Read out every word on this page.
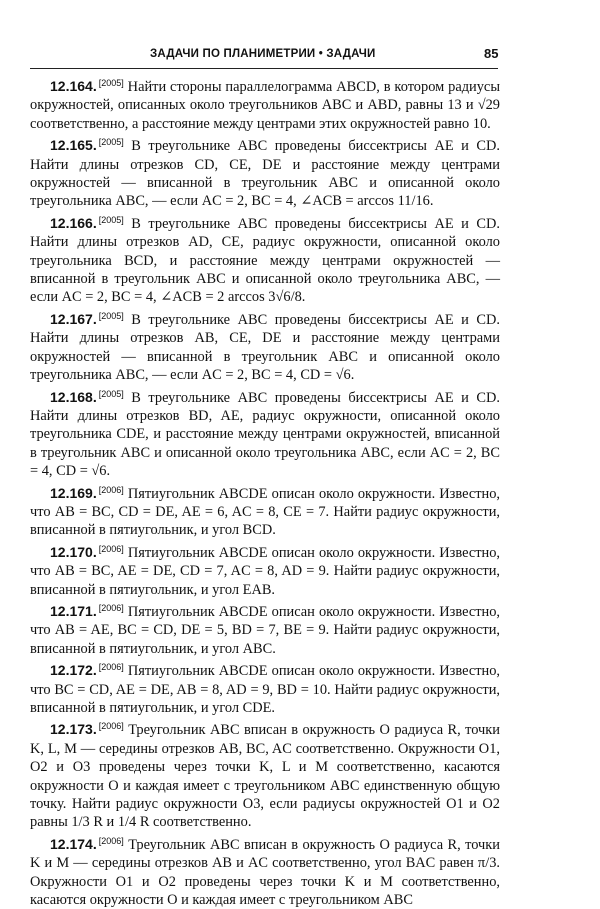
ЗАДАЧИ ПО ПЛАНИМЕТРИИ • ЗАДАЧИ	85

12.164. [2005] Найти стороны параллелограмма ABCD, в котором радиусы окружностей, описанных около треугольников ABC и ABD, равны 13 и √29 соответственно, а расстояние между центрами этих окружностей равно 10.

12.165. [2005] В треугольнике ABC проведены биссектрисы AE и CD. Найти длины отрезков CD, CE, DE и расстояние между центрами окружностей — вписанной в треугольник ABC и описанной около треугольника ABC, — если AC = 2, BC = 4, ∠ACB = arccos 11/16.

12.166. [2005] В треугольнике ABC проведены биссектрисы AE и CD. Найти длины отрезков AD, CE, радиус окружности, описанной около треугольника BCD, и расстояние между центрами окружностей — вписанной в треугольник ABC и описанной около треугольника ABC, — если AC = 2, BC = 4, ∠ACB = 2 arccos 3√6/8.

12.167. [2005] В треугольнике ABC проведены биссектрисы AE и CD. Найти длины отрезков AB, CE, DE и расстояние между центрами окружностей — вписанной в треугольник ABC и описанной около треугольника ABC, — если AC = 2, BC = 4, CD = √6.

12.168. [2005] В треугольнике ABC проведены биссектрисы AE и CD. Найти длины отрезков BD, AE, радиус окружности, описанной около треугольника CDE, и расстояние между центрами окружностей, вписанной в треугольник ABC и описанной около треугольника ABC, если AC = 2, BC = 4, CD = √6.

12.169. [2006] Пятиугольник ABCDE описан около окружности. Известно, что AB = BC, CD = DE, AE = 6, AC = 8, CE = 7. Найти радиус окружности, вписанной в пятиугольник, и угол BCD.

12.170. [2006] Пятиугольник ABCDE описан около окружности. Известно, что AB = BC, AE = DE, CD = 7, AC = 8, AD = 9. Найти радиус окружности, вписанной в пятиугольник, и угол EAB.

12.171. [2006] Пятиугольник ABCDE описан около окружности. Известно, что AB = AE, BC = CD, DE = 5, BD = 7, BE = 9. Найти радиус окружности, вписанной в пятиугольник, и угол ABC.

12.172. [2006] Пятиугольник ABCDE описан около окружности. Известно, что BC = CD, AE = DE, AB = 8, AD = 9, BD = 10. Найти радиус окружности, вписанной в пятиугольник, и угол CDE.

12.173. [2006] Треугольник ABC вписан в окружность O радиуса R, точки K, L, M — середины отрезков AB, BC, AC соответственно. Окружности O1, O2 и O3 проведены через точки K, L и M соответственно, касаются окружности O и каждая имеет с треугольником ABC единственную общую точку. Найти радиус окружности O3, если радиусы окружностей O1 и O2 равны 1/3 R и 1/4 R соответственно.

12.174. [2006] Треугольник ABC вписан в окружность O радиуса R, точки K и M — середины отрезков AB и AC соответственно, угол BAC равен π/3. Окружности O1 и O2 проведены через точки K и M соответственно, касаются окружности O и каждая имеет с треугольником ABC
